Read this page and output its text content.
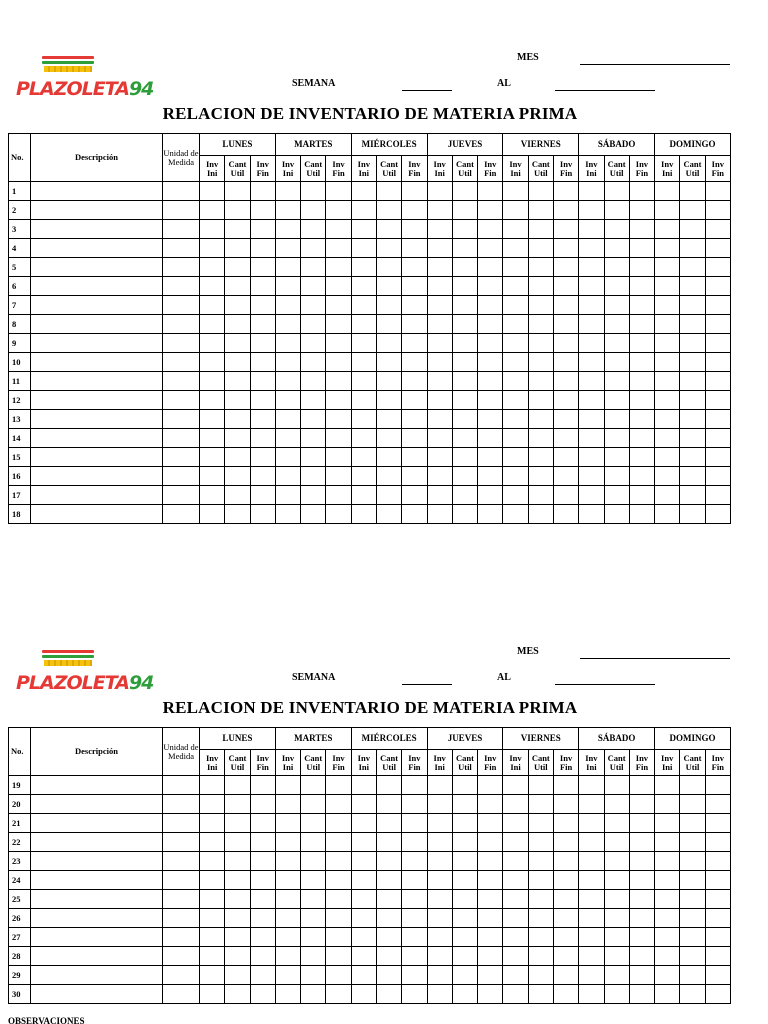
PLAZOLETA94
MES
SEMANA	AL
RELACION DE INVENTARIO DE MATERIA PRIMA
No.	Descripción	Unidad de Medida	LUNES			MARTES			MIÉRCOLES			JUEVES			VIERNES			SÁBADO			DOMINGO		
			Inv Ini	Cant Util	Inv Fin	Inv Ini	Cant Util	Inv Fin	Inv Ini	Cant Util	Inv Fin	Inv Ini	Cant Util	Inv Fin	Inv Ini	Cant Util	Inv Fin	Inv Ini	Cant Util	Inv Fin	Inv Ini	Cant Util	Inv Fin
1																							
2																							
3																							
4																							
5																							
6																							
7																							
8																							
9																							
10																							
11																							
12																							
13																							
14																							
15																							
16																							
17																							
18																							
PLAZOLETA94
MES
SEMANA	AL
RELACION DE INVENTARIO DE MATERIA PRIMA
No.	Descripción	Unidad de Medida	LUNES			MARTES			MIÉRCOLES			JUEVES			VIERNES			SÁBADO			DOMINGO		
			Inv Ini	Cant Util	Inv Fin	Inv Ini	Cant Util	Inv Fin	Inv Ini	Cant Util	Inv Fin	Inv Ini	Cant Util	Inv Fin	Inv Ini	Cant Util	Inv Fin	Inv Ini	Cant Util	Inv Fin	Inv Ini	Cant Util	Inv Fin
19																							
20																							
21																							
22																							
23																							
24																							
25																							
26																							
27																							
28																							
29																							
30																							
OBSERVACIONES
